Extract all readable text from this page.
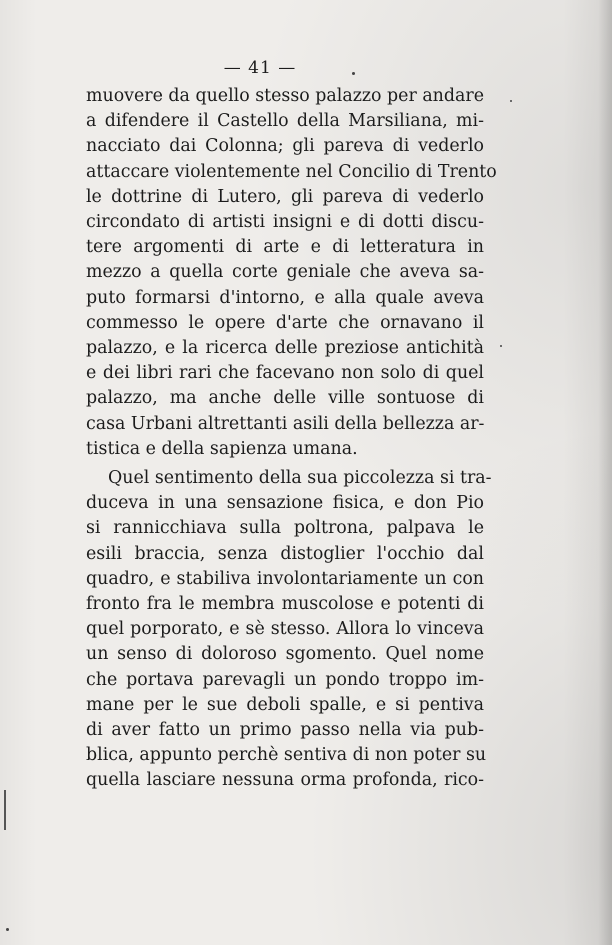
— 41 —

muovere da quello stesso palazzo per andare
a difendere il Castello della Marsiliana, mi-
nacciato dai Colonna; gli pareva di vederlo
attaccare violentemente nel Concilio di Trento
le dottrine di Lutero, gli pareva di vederlo
circondato di artisti insigni e di dotti discu-
tere argomenti di arte e di letteratura in
mezzo a quella corte geniale che aveva sa-
puto formarsi d'intorno, e alla quale aveva
commesso le opere d'arte che ornavano il
palazzo, e la ricerca delle preziose antichità
e dei libri rari che facevano non solo di quel
palazzo, ma anche delle ville sontuose di
casa Urbani altrettanti asili della bellezza ar-
tistica e della sapienza umana.

Quel sentimento della sua piccolezza si tra-
duceva in una sensazione fisica, e don Pio
si rannicchiava sulla poltrona, palpava le
esili braccia, senza distoglier l'occhio dal
quadro, e stabiliva involontariamente un con
fronto fra le membra muscolose e potenti di
quel porporato, e sè stesso. Allora lo vinceva
un senso di doloroso sgomento. Quel nome
che portava parevagli un pondo troppo im-
mane per le sue deboli spalle, e si pentiva
di aver fatto un primo passo nella via pub-
blica, appunto perchè sentiva di non poter su
quella lasciare nessuna orma profonda, rico-
